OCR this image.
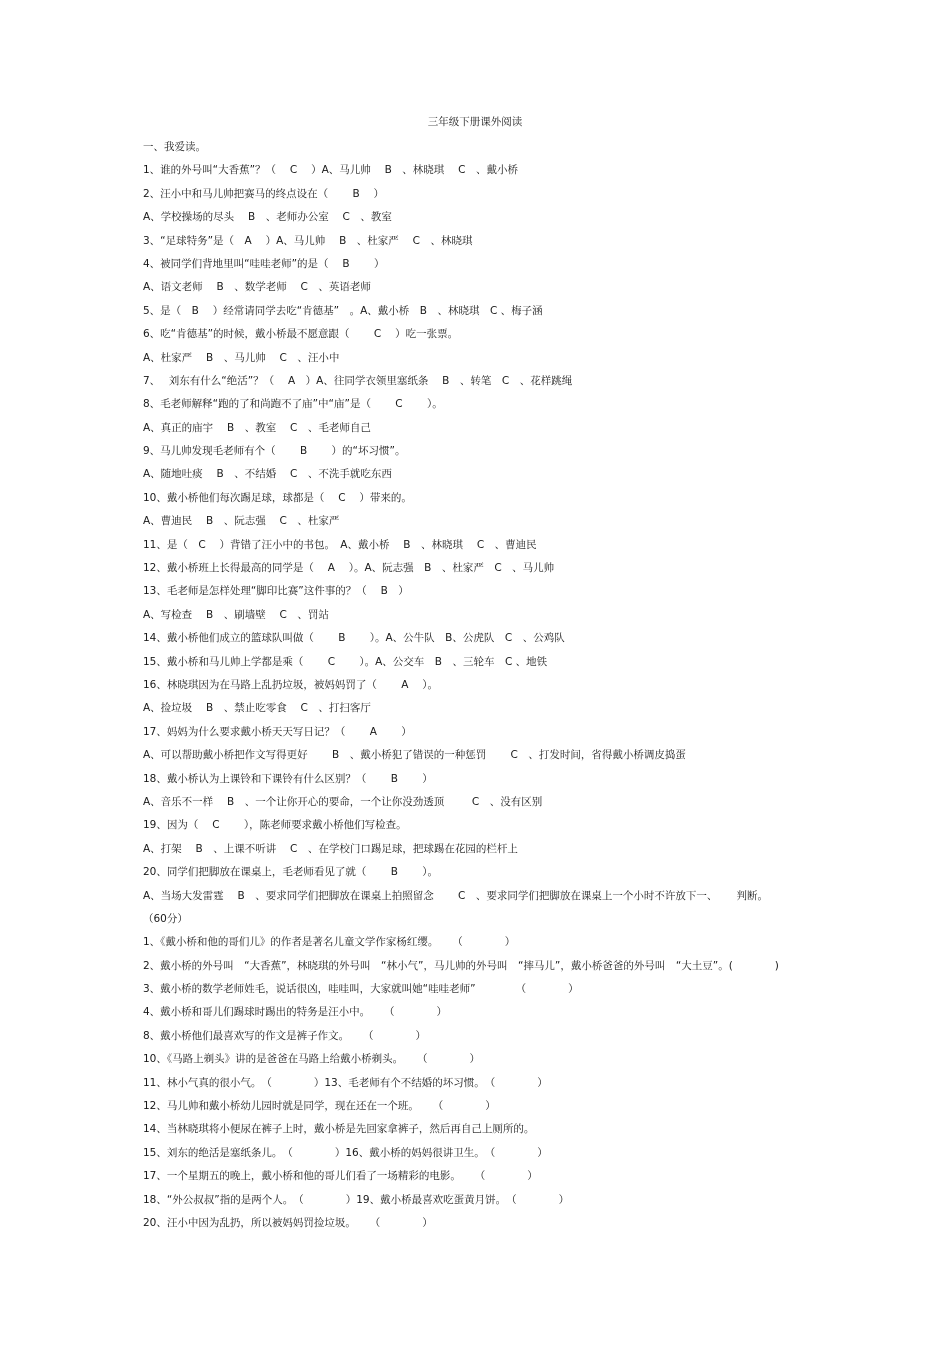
三年级下册课外阅读
一、我爱读。
1、谁的外号叫“大香蕉”？（　 C　 ）A、马儿帅　 B　、林晓琪　 C　、戴小桥
2、汪小中和马儿帅把赛马的终点设在（　 　B　 ）
A、学校操场的尽头　 B　、老师办公室　 C　、教室
3、“足球特务”是（　A　 ）A、马儿帅　 B　、杜家严　 C　、林晓琪
4、被同学们背地里叫“哇哇老师”的是（　 B　 　）
A、语文老师　 B　、数学老师　 C　、英语老师
5、是（　B　 ）经常请同学去吃“肯德基”　。A、戴小桥　B　、林晓琪　C 、梅子涵
6、吃“肯德基”的时候，戴小桥最不愿意跟（　 　C　 ）吃一张票。
A、杜家严　 B　、马儿帅　 C　、汪小中
7、　 刘东有什么“绝活”？（　 A　）A、往同学衣领里塞纸条　 B　、转笔　C　、花样跳绳
8、毛老师解释“跑的了和尚跑不了庙”中“庙”是（　 　C　 　）。
A、真正的庙宇　 B　、教室　 C　、毛老师自己
9、马儿帅发现毛老师有个（　 　B　 　）的“坏习惯”。
A、随地吐痰　 B　、不结婚　 C　、不洗手就吃东西
10、戴小桥他们每次踢足球，球都是（　 C　 ）带来的。
A、曹迪民　 B　、阮志强　 C　、杜家严
11、是（　C　 ）背错了汪小中的书包。　A、戴小桥　 B　、林晓琪　 C　、曹迪民
12、戴小桥班上长得最高的同学是（　 A　 ）。A、阮志强　B　、杜家严　C　、马儿帅
13、毛老师是怎样处理“脚印比赛”这件事的？（　 B　）
A、写检查　 B　、刷墙壁　 C　、罚站
14、戴小桥他们成立的篮球队叫做（　 　B　 　）。A、公牛队　B、公虎队　C　、公鸡队
15、戴小桥和马儿帅上学都是乘（　 　C　 　）。A、公交车　B　、三轮车　C 、地铁
16、林晓琪因为在马路上乱扔垃圾，被妈妈罚了（　 　A　 ）。
A、捡垃圾　 B　、禁止吃零食　 C　、打扫客厅
17、妈妈为什么要求戴小桥天天写日记？（　 　A　 　）
A、可以帮助戴小桥把作文写得更好　 　B　、戴小桥犯了错误的一种惩罚　 　C　、打发时间，省得戴小桥调皮捣蛋
18、戴小桥认为上课铃和下课铃有什么区别？（　 　B　 　）
A、音乐不一样　 B　、一个让你开心的要命，一个让你没劲透顶　 　 C　、没有区别
19、因为（　 C　 　），陈老师要求戴小桥他们写检查。
A、打架　 B　、上课不听讲　 C　、在学校门口踢足球，把球踢在花园的栏杆上
20、同学们把脚放在课桌上，毛老师看见了就（　 　B　 　）。
A、当场大发雷霆　 B　、要求同学们把脚放在课桌上拍照留念　 　C　、要求同学们把脚放在课桌上一个小时不许放下一、　 　判断。
（60分）
1、《戴小桥和他的哥们儿》的作者是著名儿童文学作家杨红缨。　 　（　　　　）
2、戴小桥的外号叫　“大香蕉”，林晓琪的外号叫　“林小气”，马儿帅的外号叫　“摔马儿”，戴小桥爸爸的外号叫　“大土豆”。(　　　　)
3、戴小桥的数学老师姓毛，说话很凶，哇哇叫，大家就叫她“哇哇老师”　 　　　（　　　　）
4、戴小桥和哥儿们踢球时踢出的特务是汪小中。　 　（　　　　）
8、戴小桥他们最喜欢写的作文是裤子作文。　 　（　　　　）
10、《马路上剃头》讲的是爸爸在马路上给戴小桥剃头。　 　（　　　　）
11、林小气真的很小气。　（　　　　）13、毛老师有个不结婚的坏习惯。　（　　　　）
12、马儿帅和戴小桥幼儿园时就是同学，现在还在一个班。　 　（　　　　）
14、当林晓琪将小便尿在裤子上时，戴小桥是先回家拿裤子，然后再自己上厕所的。
15、刘东的绝活是塞纸条儿。　（　　　　）16、戴小桥的妈妈很讲卫生。　（　　　　）
17、一个星期五的晚上，戴小桥和他的哥儿们看了一场精彩的电影。　 　（　　　　）
18、“外公叔叔”指的是两个人。　（　　　　）19、戴小桥最喜欢吃蛋黄月饼。　（　　　　）
20、汪小中因为乱扔，所以被妈妈罚捡垃圾。　 　（　　　　）
